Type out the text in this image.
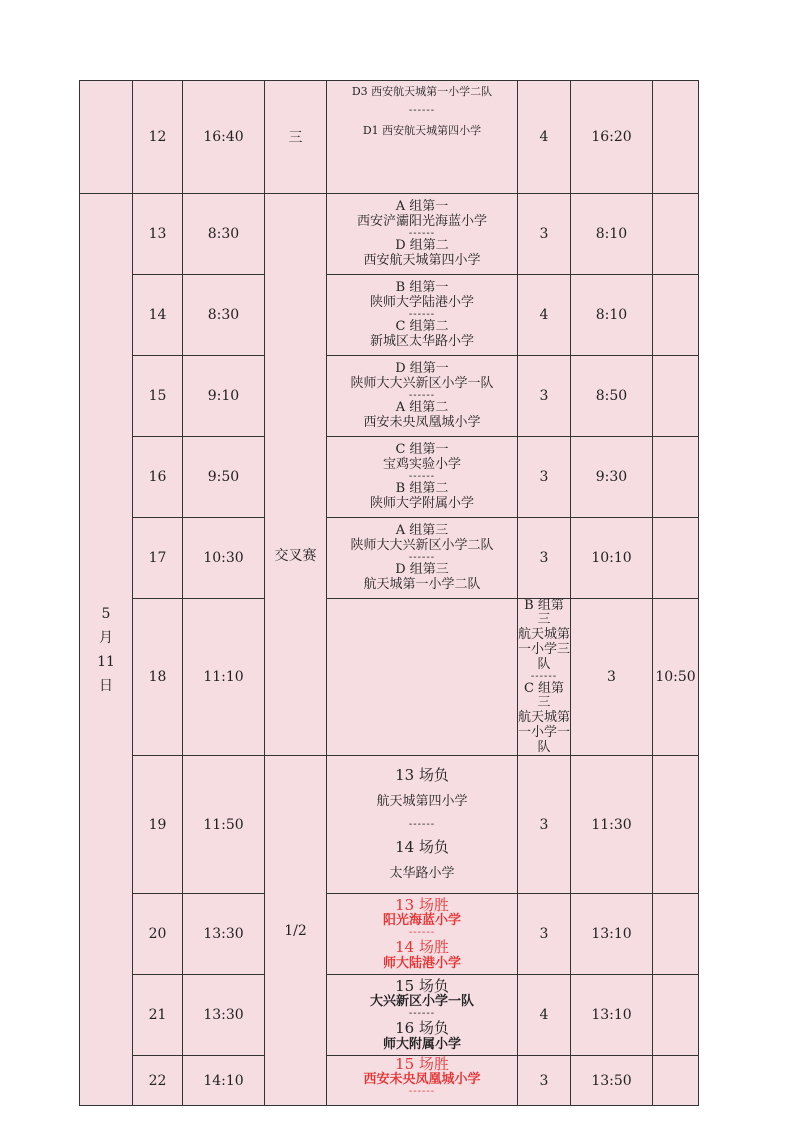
	12	16:40	三	D3 西安航天城第一小学二队
------
D1 西安航天城第四小学	4	16:20		

5
月
11
日	13	8:30		A 组第一
西安浐灞阳光海蓝小学
------
D 组第二
西安航天城第四小学	3	8:10		
	14	8:30		B 组第一
陕师大学陆港小学
------
C 组第二
新城区太华路小学	4	8:10		
	15	9:10	交叉赛	D 组第一
陕师大大兴新区小学一队
------
A 组第二
西安未央凤凰城小学	3	8:50		
	16	9:50		C 组第一
宝鸡实验小学
------
B 组第二
陕师大学附属小学	3	9:30		
	17	10:30		A 组第三
陕师大大兴新区小学二队
------
D 组第三
航天城第一小学二队	3	10:10		
	18	11:10			B 组第三
航天城第一小学三队
------
C 组第三
航天城第一小学一队	3	10:50	
	19	11:50	1/2	13 场负
航天城第四小学
------
14 场负
太华路小学	3	11:30		
	20	13:30		13 场胜
阳光海蓝小学
------
14 场胜
师大陆港小学	3	13:10		
	21	13:30		15 场负
大兴新区小学一队
------
16 场负
师大附属小学	4	13:10		
	22	14:10		15 场胜
西安未央凤凰城小学
------	3	13:50		
